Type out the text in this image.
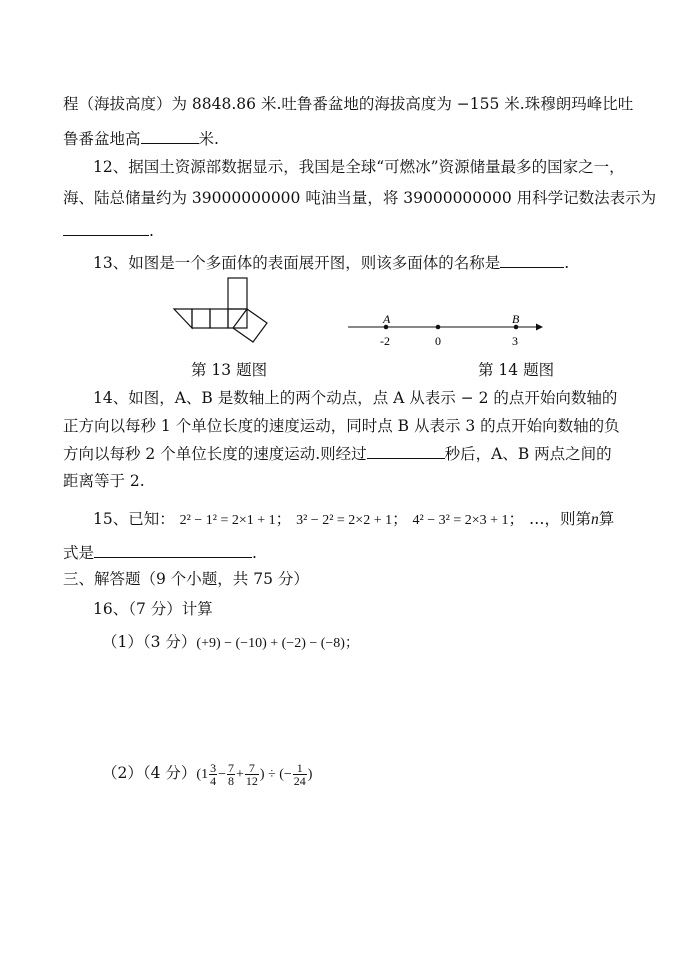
程（海拔高度）为 8848.86 米.吐鲁番盆地的海拔高度为 −155 米.珠穆朗玛峰比吐
鲁番盆地高	米.
12、据国土资源部数据显示，我国是全球“可燃冰”资源储量最多的国家之一，
海、陆总储量约为 39000000000 吨油当量，将 39000000000 用科学记数法表示为
.
13、如图是一个多面体的表面展开图，则该多面体的名称是	.
第 13 题图
A	B
-2	0	3
第 14 题图
14、如图，A、B 是数轴上的两个动点，点 A 从表示 − 2 的点开始向数轴的
正方向以每秒 1 个单位长度的速度运动，同时点 B 从表示 3 的点开始向数轴的负
方向以每秒 2 个单位长度的速度运动.则经过	秒后，A、B 两点之间的
距离等于 2.
15、已知： 2² − 1² = 2×1 + 1； 3² − 2² = 2×2 + 1； 4² − 3² = 2×3 + 1； …，则第n算
式是	.
三、解答题（9 个小题，共 75 分）
16、（7 分）计算
（1）（3 分）(+9) − (−10) + (−2) − (−8)；
（2）（4 分）($1 \frac{3}{4} - \frac{7}{8} + \frac{7}{12}$ ) ÷ (− $\frac{1}{24}$ )
